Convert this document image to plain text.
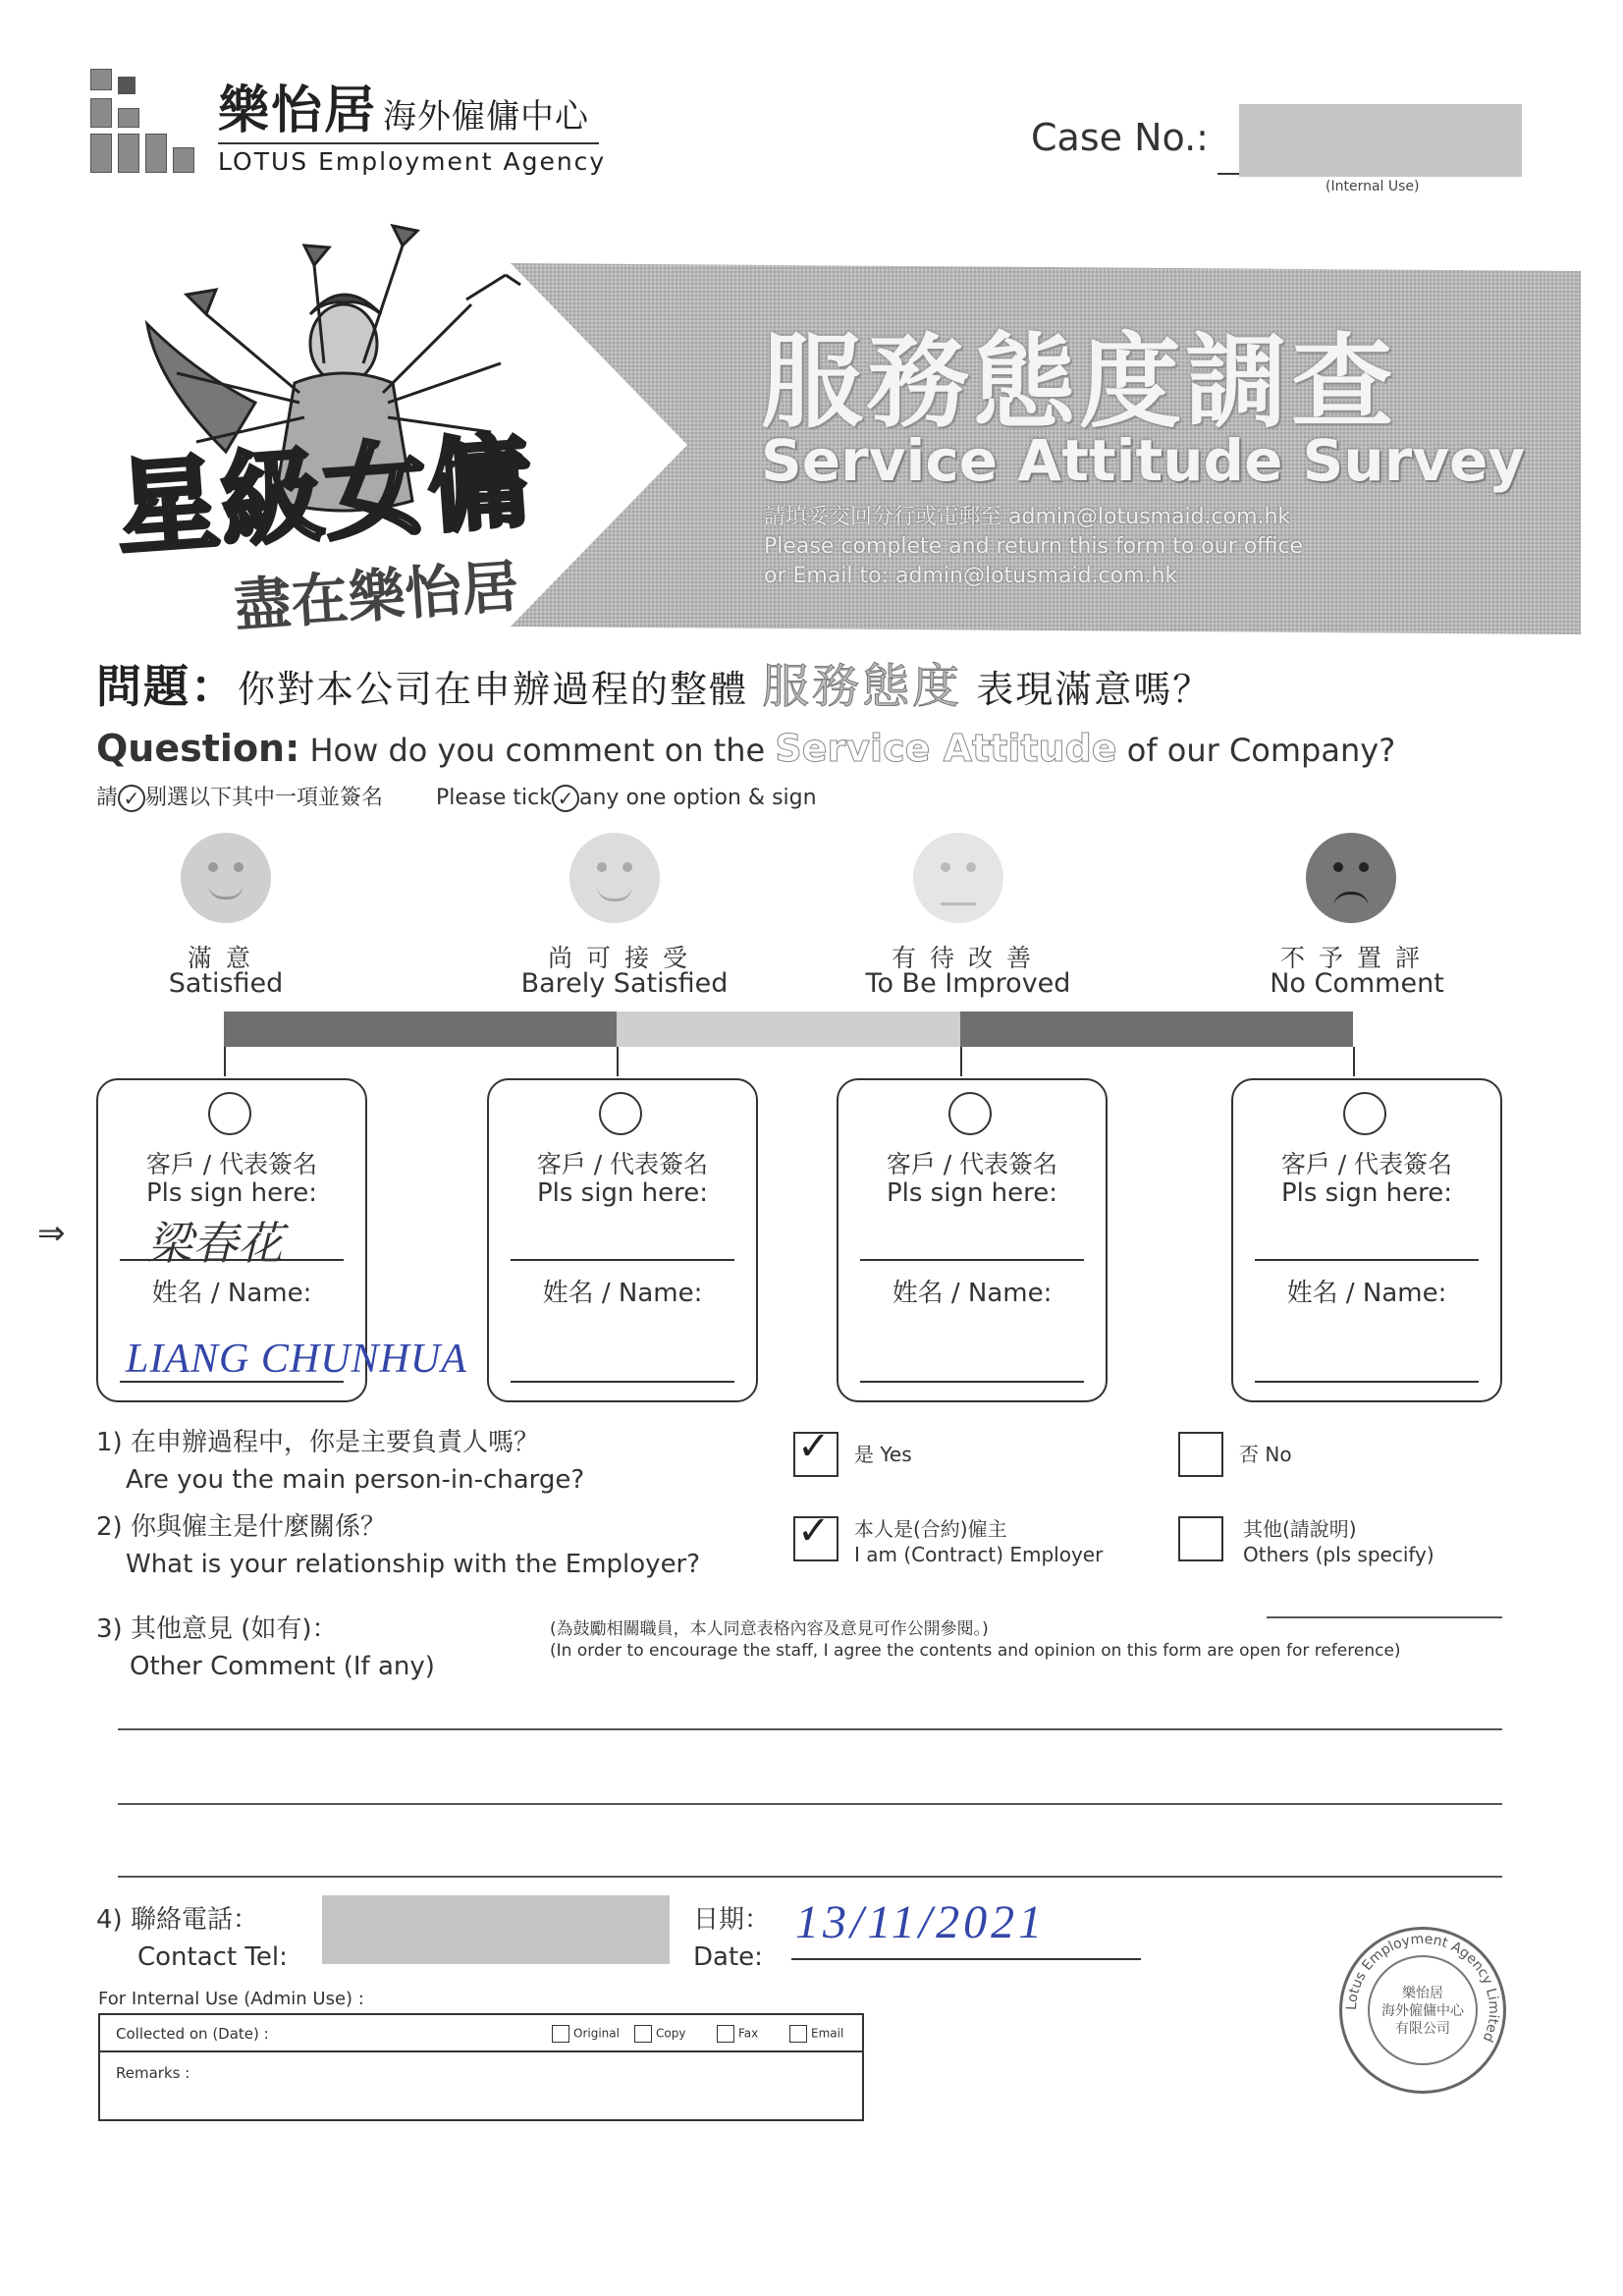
樂怡居 海外僱傭中心
LOTUS Employment Agency
Case No.:
(Internal Use)
服務態度調查
Service Attitude Survey
請填妥交回分行或電郵至 admin@lotusmaid.com.hk
Please complete and return this form to our office
or Email to: admin@lotusmaid.com.hk
星級女傭
盡在樂怡居
問題：你對本公司在申辦過程的整體 服務態度 表現滿意嗎？
Question: How do you comment on the Service Attitude of our Company?
請 ✓ 剔選以下其中一項並簽名 Please tick ✓ any one option & sign
滿意
Satisfied
尚可接受
Barely Satisfied
有待改善
To Be Improved
不予置評
No Comment
客戶 / 代表簽名
Pls sign here:
姓名 / Name:
客戶 / 代表簽名
Pls sign here:
姓名 / Name:
客戶 / 代表簽名
Pls sign here:
姓名 / Name:
客戶 / 代表簽名
Pls sign here:
姓名 / Name:
⇒ 梁春花
LIANG CHUNHUA
1) 在申辦過程中，你是主要負責人嗎？
Are you the main person-in-charge?
✓ 是 Yes	否 No
2) 你與僱主是什麼關係？
What is your relationship with the Employer?
✓ 本人是(合約)僱主
I am (Contract) Employer
其他(請說明)
Others (pls specify)
3) 其他意見 (如有)：
Other Comment (If any)
(為鼓勵相關職員，本人同意表格內容及意見可作公開參閱。)
(In order to encourage the staff, I agree the contents and opinion on this form are open for reference)
4) 聯絡電話：
Contact Tel:
日期：
Date:
13/11/2021
For Internal Use (Admin Use) :
Collected on (Date) :	Original	Copy	Fax	Email
Remarks :
Lotus Employment Agency Limited
樂怡居
海外僱傭中心
有限公司
